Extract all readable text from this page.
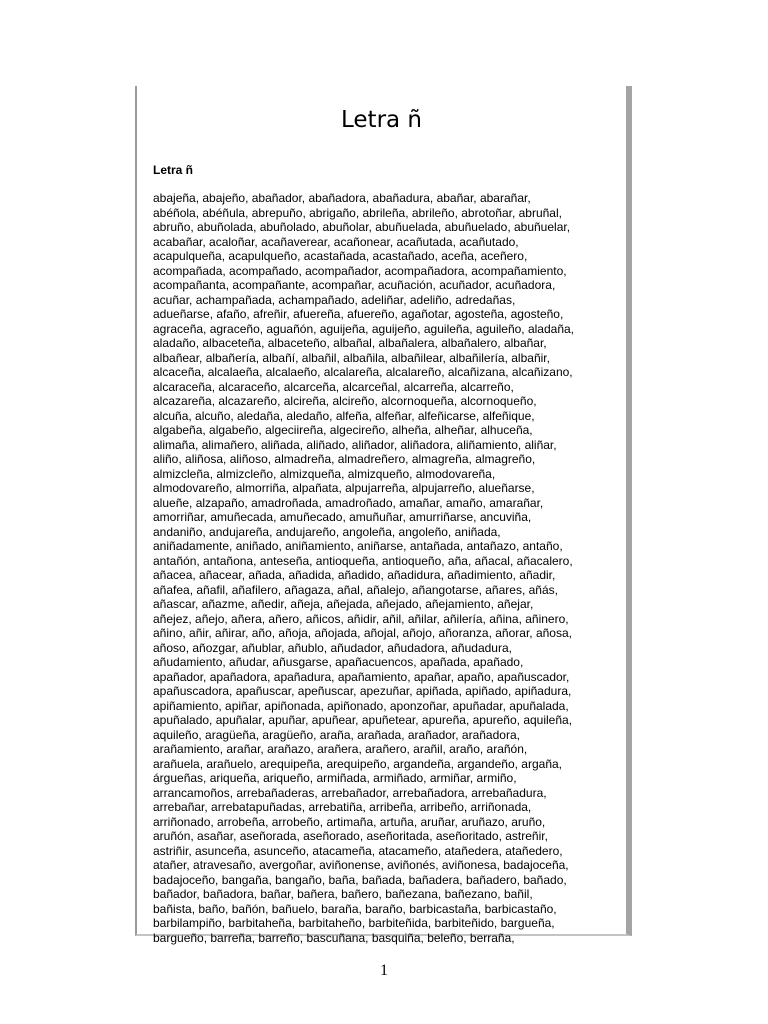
Letra ñ
Letra ñ
abajeña, abajeño, abañador, abañadora, abañadura, abañar, abarañar,
abéñola, abéñula, abrepuño, abrigaño, abrileña, abrileño, abrotoñar, abruñal,
abruño, abuñolada, abuñolado, abuñolar, abuñuelada, abuñuelado, abuñuelar,
acabañar, acaloñar, acañaverear, acañonear, acañutada, acañutado,
acapulqueña, acapulqueño, acastañada, acastañado, aceña, aceñero,
acompañada, acompañado, acompañador, acompañadora, acompañamiento,
acompañanta, acompañante, acompañar, acuñación, acuñador, acuñadora,
acuñar, achampañada, achampañado, adeliñar, adeliño, adredañas,
adueñarse, afaño, afreñir, afuereña, afuereño, agañotar, agosteña, agosteño,
agraceña, agraceño, aguañón, aguijeña, aguijeño, aguileña, aguileño, aladaña,
aladaño, albaceteña, albaceteño, albañal, albañalera, albañalero, albañar,
albañear, albañería, albañí, albañil, albañila, albañilear, albañilería, albañir,
alcaceña, alcalaeña, alcalaeño, alcalareña, alcalareño, alcañizana, alcañizano,
alcaraceña, alcaraceño, alcarceña, alcarceñal, alcarreña, alcarreño,
alcazareña, alcazareño, alcireña, alcireño, alcornoqueña, alcornoqueño,
alcuña, alcuño, aledaña, aledaño, alfeña, alfeñar, alfeñicarse, alfeñique,
algabeña, algabeño, algeciireña, algecireño, alheña, alheñar, alhuceña,
alimaña, alimañero, aliñada, aliñado, aliñador, aliñadora, aliñamiento, aliñar,
aliño, aliñosa, aliñoso, almadreña, almadreñero, almagreña, almagreño,
almizcleña, almizcleño, almizqueña, almizqueño, almodovareña,
almodovareño, almorriña, alpañata, alpujarreña, alpujarreño, alueñarse,
alueñe, alzapaño, amadroñada, amadroñado, amañar, amaño, amarañar,
amorriñar, amuñecada, amuñecado, amuñuñar, amurriñarse, ancuviña,
andaniño, andujareña, andujareño, angoleña, angoleño, aniñada,
aniñadamente, aniñado, aniñamiento, aniñarse, antañada, antañazo, antaño,
antañón, antañona, anteseña, antioqueña, antioqueño, aña, añacal, añacalero,
añacea, añacear, añada, añadida, añadido, añadidura, añadimiento, añadir,
añafea, añafil, añafilero, añagaza, añal, añalejo, añangotarse, añares, añás,
añascar, añazme, añedir, añeja, añejada, añejado, añejamiento, añejar,
añejez, añejo, añera, añero, añicos, añidir, añil, añilar, añilería, añina, añinero,
añino, añir, añirar, año, añoja, añojada, añojal, añojo, añoranza, añorar, añosa,
añoso, añozgar, añublar, añublo, añudador, añudadora, añudadura,
añudamiento, añudar, añusgarse, apañacuencos, apañada, apañado,
apañador, apañadora, apañadura, apañamiento, apañar, apaño, apañuscador,
apañuscadora, apañuscar, apeñuscar, apezuñar, apiñada, apiñado, apiñadura,
apiñamiento, apiñar, apiñonada, apiñonado, aponzoñar, apuñadar, apuñalada,
apuñalado, apuñalar, apuñar, apuñear, apuñetear, apureña, apureño, aquileña,
aquileño, aragüeña, aragüeño, araña, arañada, arañador, arañadora,
arañamiento, arañar, arañazo, arañera, arañero, arañil, araño, arañón,
arañuela, arañuelo, arequipeña, arequipeño, argandeña, argandeño, argaña,
árgueñas, ariqueña, ariqueño, armiñada, armiñado, armiñar, armiño,
arrancamoños, arrebañaderas, arrebañador, arrebañadora, arrebañadura,
arrebañar, arrebatapuñadas, arrebatiña, arribeña, arribeño, arriñonada,
arriñonado, arrobeña, arrobeño, artimaña, artuña, aruñar, aruñazo, aruño,
aruñón, asañar, aseñorada, aseñorado, aseñoritada, aseñoritado, astreñir,
astriñir, asunceña, asunceño, atacameña, atacameño, atañedera, atañedero,
atañer, atravesaño, avergoñar, aviñonense, aviñonés, aviñonesa, badajoceña,
badajoceño, bangaña, bangaño, baña, bañada, bañadera, bañadero, bañado,
bañador, bañadora, bañar, bañera, bañero, bañezana, bañezano, bañil,
bañista, baño, bañón, bañuelo, baraña, baraño, barbicastaña, barbicastaño,
barbilampiño, barbitaheña, barbitaheño, barbiteñida, barbiteñido, bargueña,
bargueño, barreña, barreño, bascuñana, basquiña, beleño, berraña,
1
